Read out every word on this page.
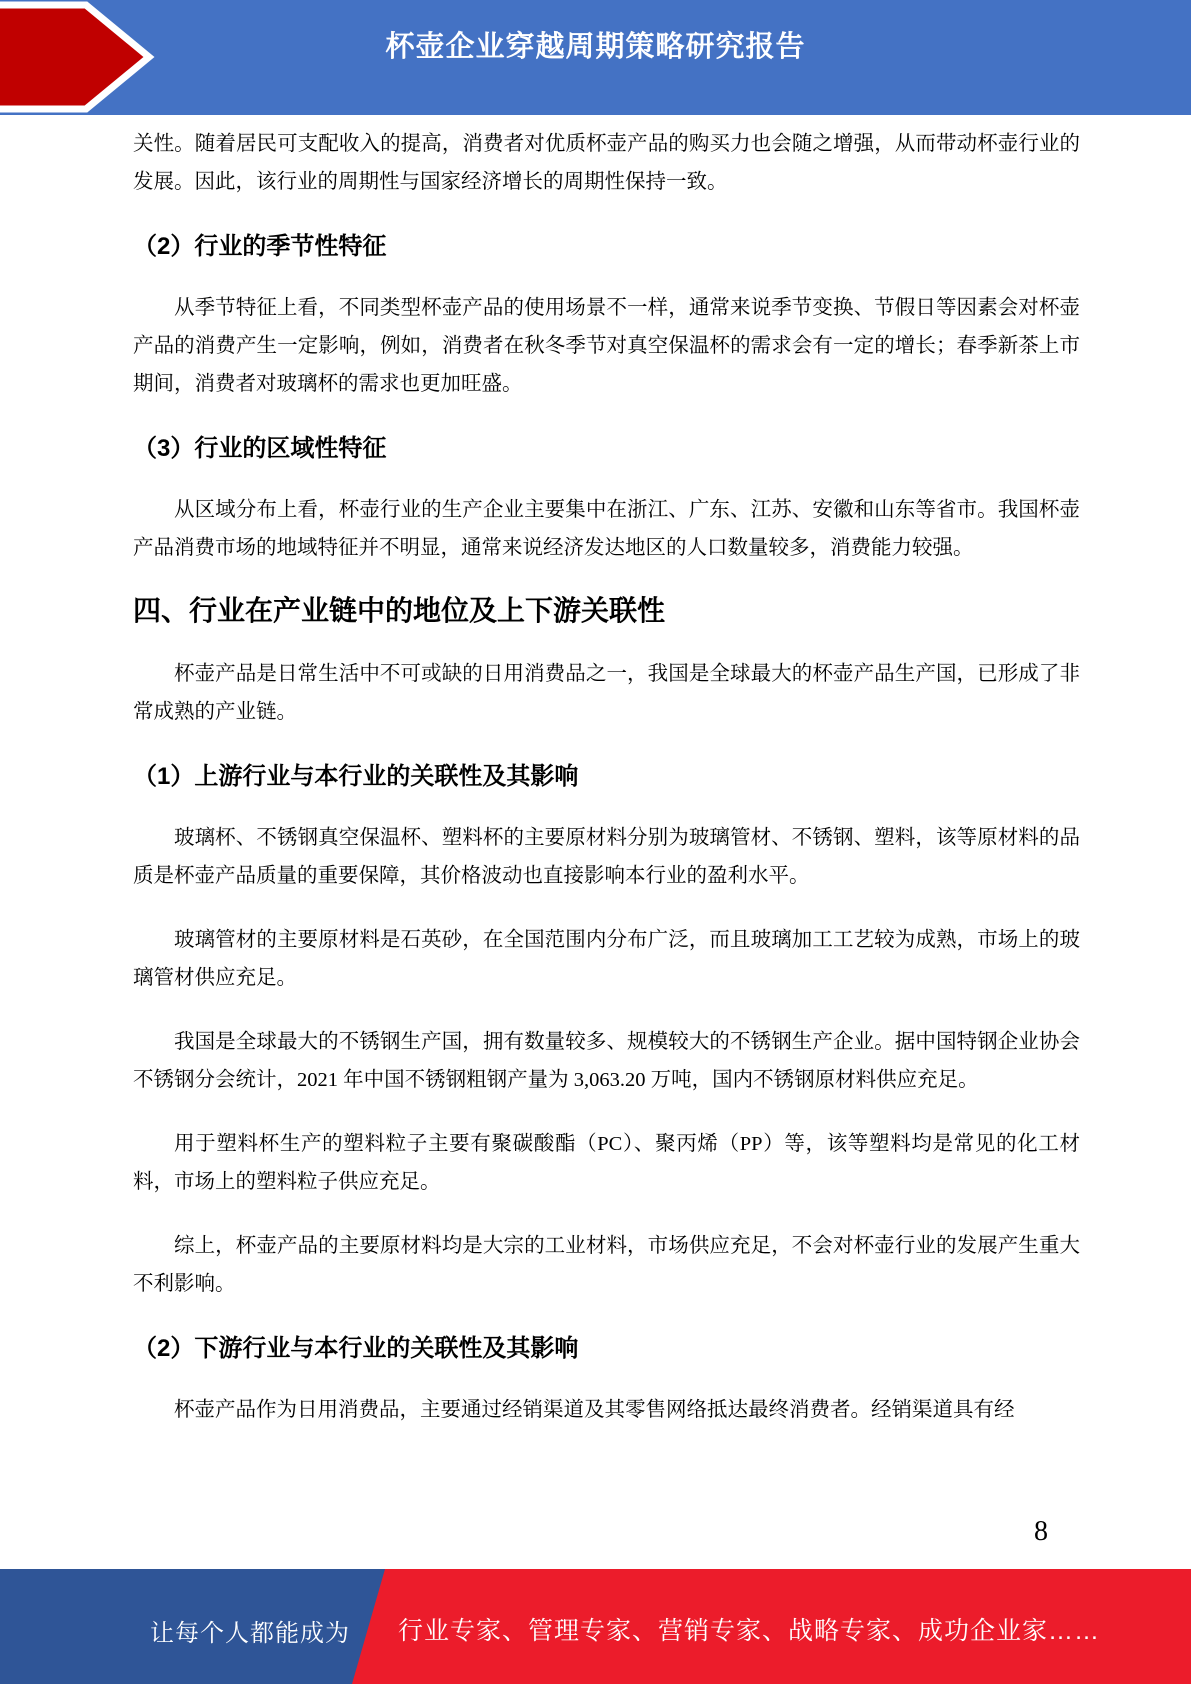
杯壶企业穿越周期策略研究报告

关性。随着居民可支配收入的提高，消费者对优质杯壶产品的购买力也会随之增强，从而带动杯壶行业的发展。因此，该行业的周期性与国家经济增长的周期性保持一致。

（2）行业的季节性特征

从季节特征上看，不同类型杯壶产品的使用场景不一样，通常来说季节变换、节假日等因素会对杯壶产品的消费产生一定影响，例如，消费者在秋冬季节对真空保温杯的需求会有一定的增长；春季新茶上市期间，消费者对玻璃杯的需求也更加旺盛。

（3）行业的区域性特征

从区域分布上看，杯壶行业的生产企业主要集中在浙江、广东、江苏、安徽和山东等省市。我国杯壶产品消费市场的地域特征并不明显，通常来说经济发达地区的人口数量较多，消费能力较强。

四、行业在产业链中的地位及上下游关联性

杯壶产品是日常生活中不可或缺的日用消费品之一，我国是全球最大的杯壶产品生产国，已形成了非常成熟的产业链。

（1）上游行业与本行业的关联性及其影响

玻璃杯、不锈钢真空保温杯、塑料杯的主要原材料分别为玻璃管材、不锈钢、塑料，该等原材料的品质是杯壶产品质量的重要保障，其价格波动也直接影响本行业的盈利水平。

玻璃管材的主要原材料是石英砂，在全国范围内分布广泛，而且玻璃加工工艺较为成熟，市场上的玻璃管材供应充足。

我国是全球最大的不锈钢生产国，拥有数量较多、规模较大的不锈钢生产企业。据中国特钢企业协会不锈钢分会统计，2021 年中国不锈钢粗钢产量为 3,063.20 万吨，国内不锈钢原材料供应充足。

用于塑料杯生产的塑料粒子主要有聚碳酸酯（PC）、聚丙烯（PP）等，该等塑料均是常见的化工材料，市场上的塑料粒子供应充足。

综上，杯壶产品的主要原材料均是大宗的工业材料，市场供应充足，不会对杯壶行业的发展产生重大不利影响。

（2）下游行业与本行业的关联性及其影响

杯壶产品作为日用消费品，主要通过经销渠道及其零售网络抵达最终消费者。经销渠道具有经

8
让每个人都能成为 行业专家、管理专家、营销专家、战略专家、成功企业家……
